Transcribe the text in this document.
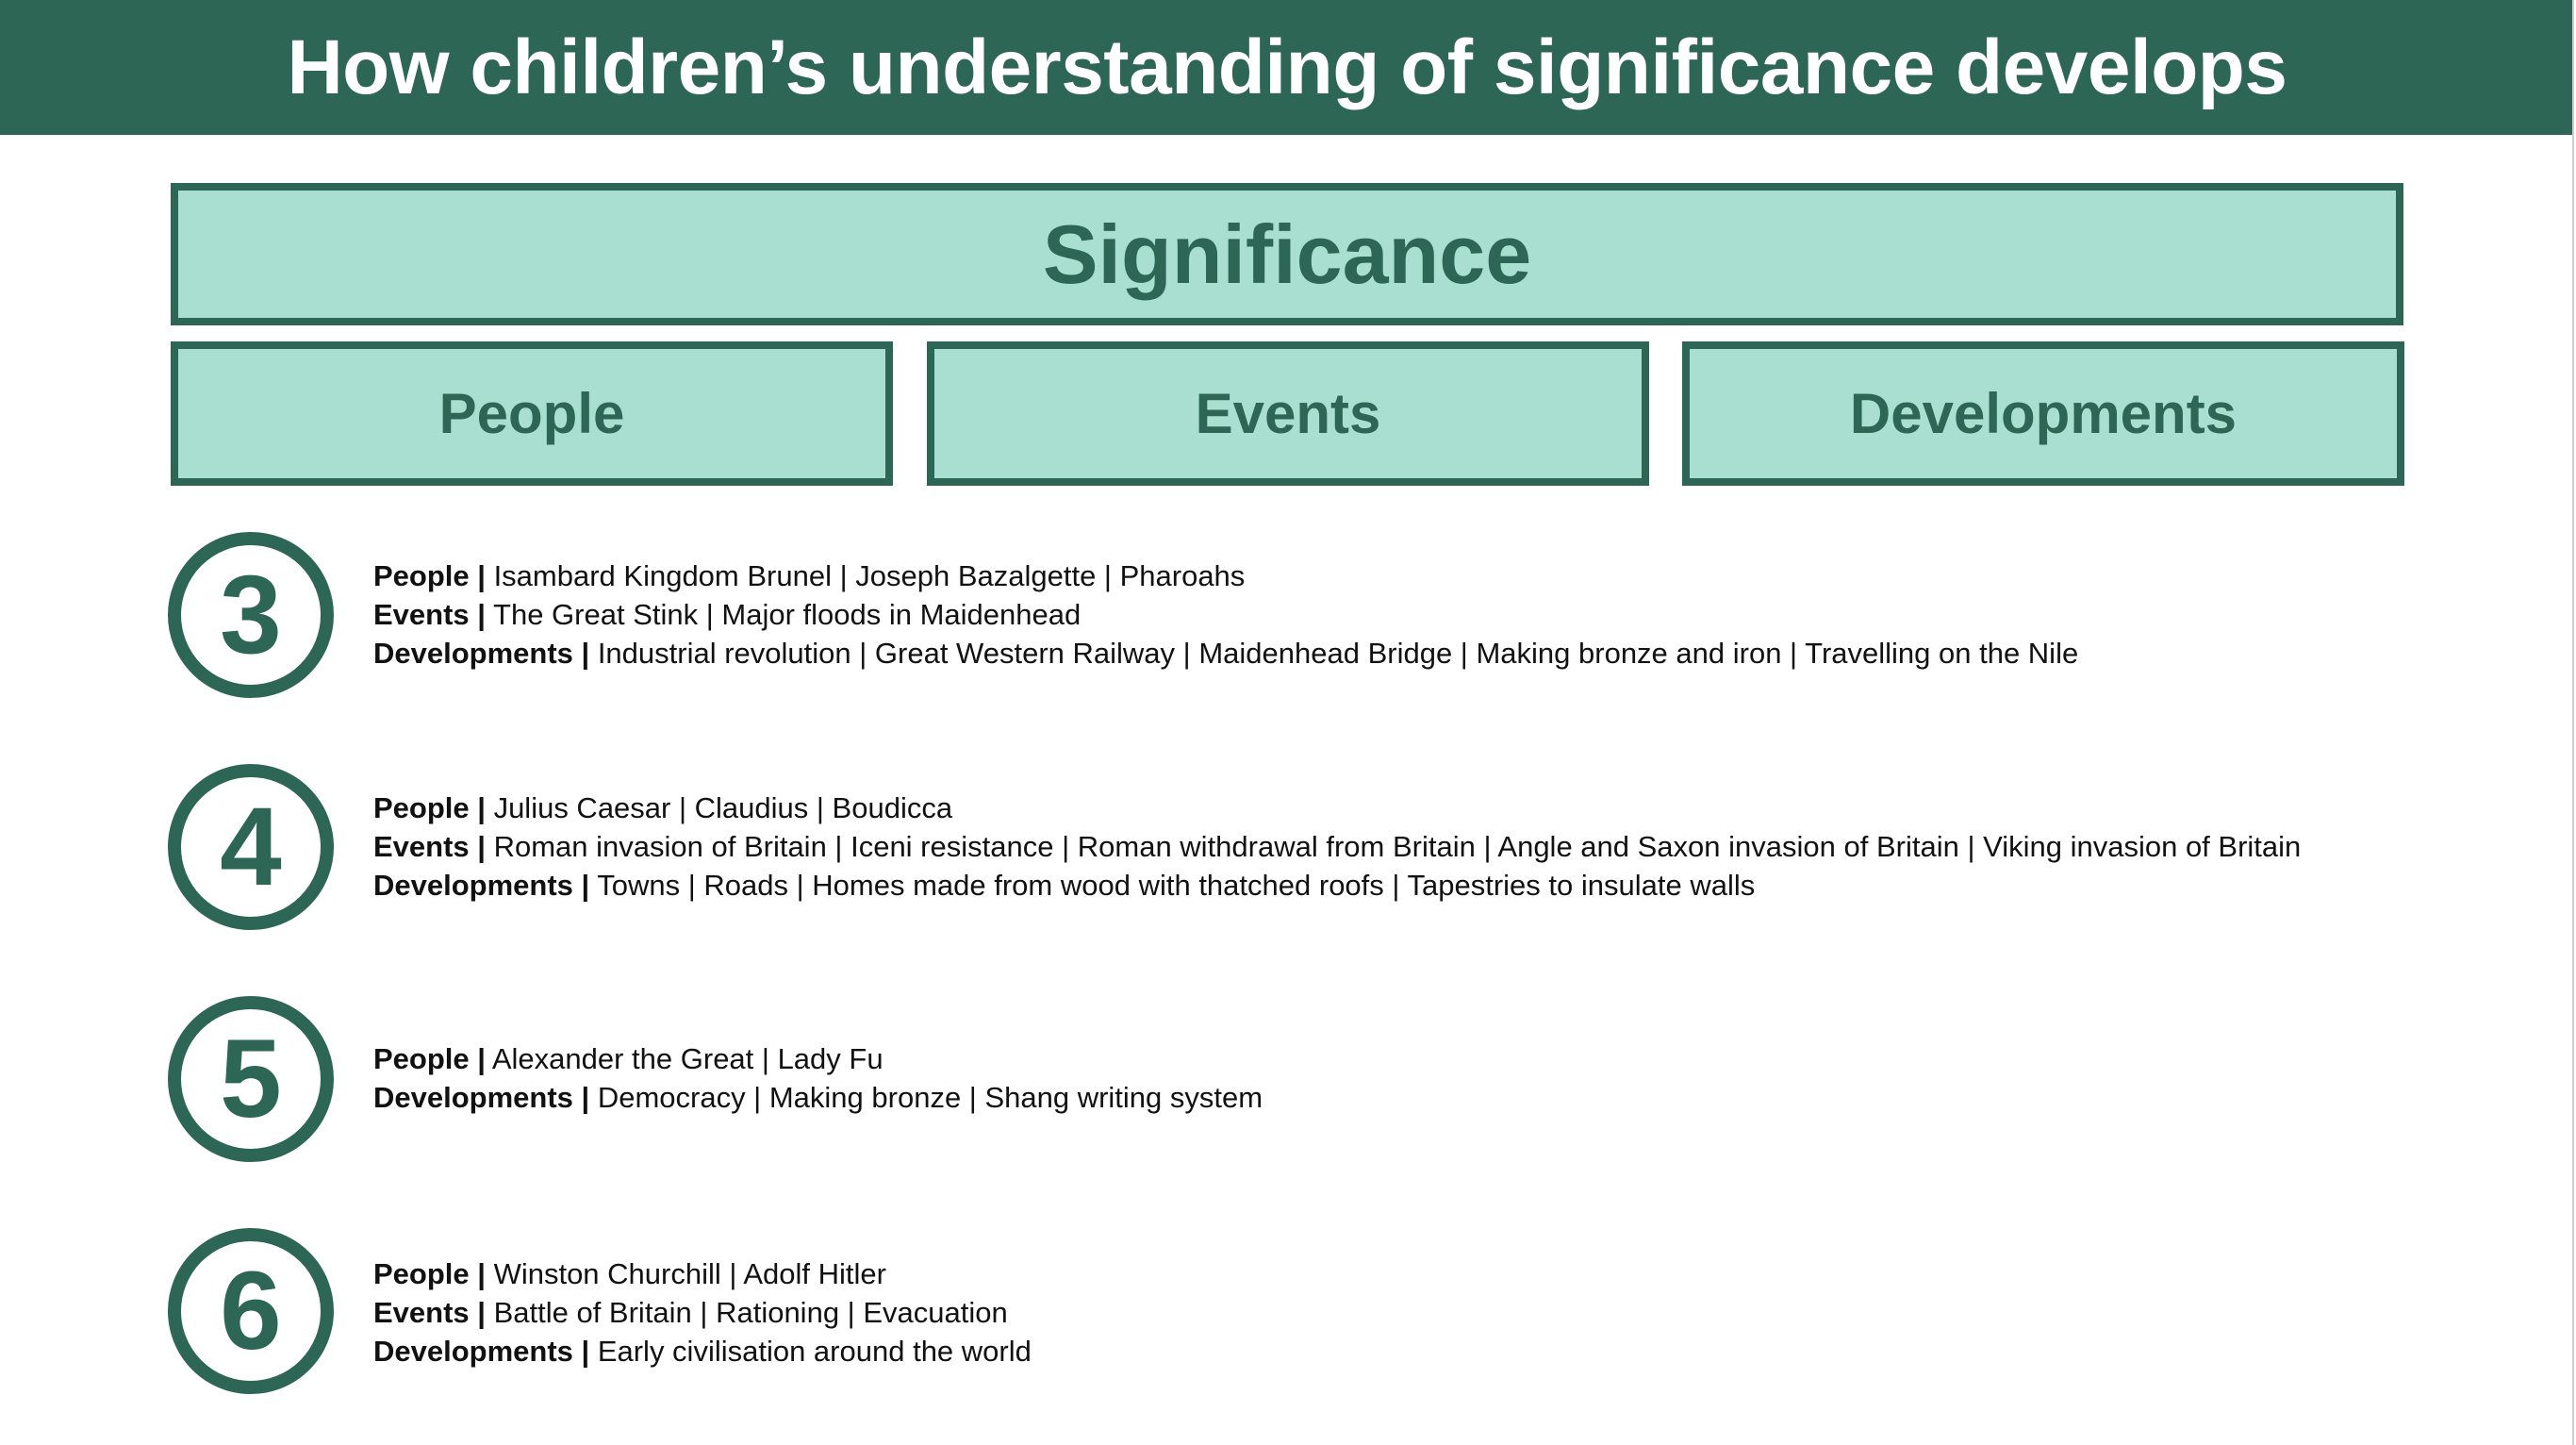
How children’s understanding of significance develops
Significance
People	Events	Developments
3	People | Isambard Kingdom Brunel | Joseph Bazalgette | Pharoahs
Events | The Great Stink | Major floods in Maidenhead
Developments | Industrial revolution | Great Western Railway | Maidenhead Bridge | Making bronze and iron | Travelling on the Nile
4	People | Julius Caesar | Claudius | Boudicca
Events | Roman invasion of Britain | Iceni resistance | Roman withdrawal from Britain | Angle and Saxon invasion of Britain | Viking invasion of Britain
Developments | Towns | Roads | Homes made from wood with thatched roofs | Tapestries to insulate walls
5	People | Alexander the Great | Lady Fu
Developments | Democracy | Making bronze | Shang writing system
6	People | Winston Churchill | Adolf Hitler
Events | Battle of Britain | Rationing | Evacuation
Developments | Early civilisation around the world
